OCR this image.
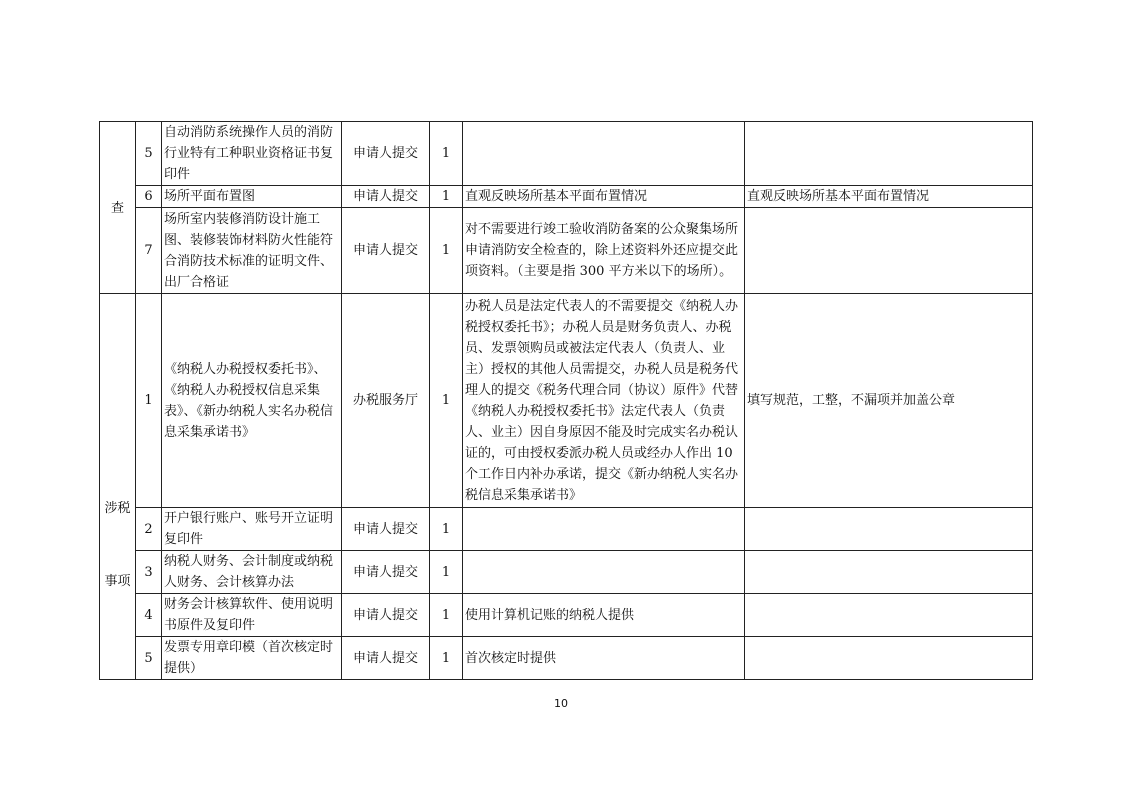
查	5	自动消防系统操作人员的消防行业特有工种职业资格证书复印件	申请人提交	1		
	6	场所平面布置图	申请人提交	1	直观反映场所基本平面布置情况	直观反映场所基本平面布置情况
	7	场所室内装修消防设计施工图、装修装饰材料防火性能符合消防技术标准的证明文件、出厂合格证	申请人提交	1	对不需要进行竣工验收消防备案的公众聚集场所申请消防安全检查的，除上述资料外还应提交此项资料。（主要是指 300 平方米以下的场所）。	

涉税
事项	1	《纳税人办税授权委托书》、《纳税人办税授权信息采集表》、《新办纳税人实名办税信息采集承诺书》	办税服务厅	1	办税人员是法定代表人的不需要提交《纳税人办税授权委托书》；办税人员是财务负责人、办税员、发票领购员或被法定代表人（负责人、业主）授权的其他人员需提交，办税人员是税务代理人的提交《税务代理合同（协议）原件》代替《纳税人办税授权委托书》法定代表人（负责人、业主）因自身原因不能及时完成实名办税认证的，可由授权委派办税人员或经办人作出 10 个工作日内补办承诺，提交《新办纳税人实名办税信息采集承诺书》	填写规范，工整，不漏项并加盖公章
	2	开户银行账户、账号开立证明复印件	申请人提交	1		
	3	纳税人财务、会计制度或纳税人财务、会计核算办法	申请人提交	1		
	4	财务会计核算软件、使用说明书原件及复印件	申请人提交	1	使用计算机记账的纳税人提供	
	5	发票专用章印模（首次核定时提供）	申请人提交	1	首次核定时提供	
10
